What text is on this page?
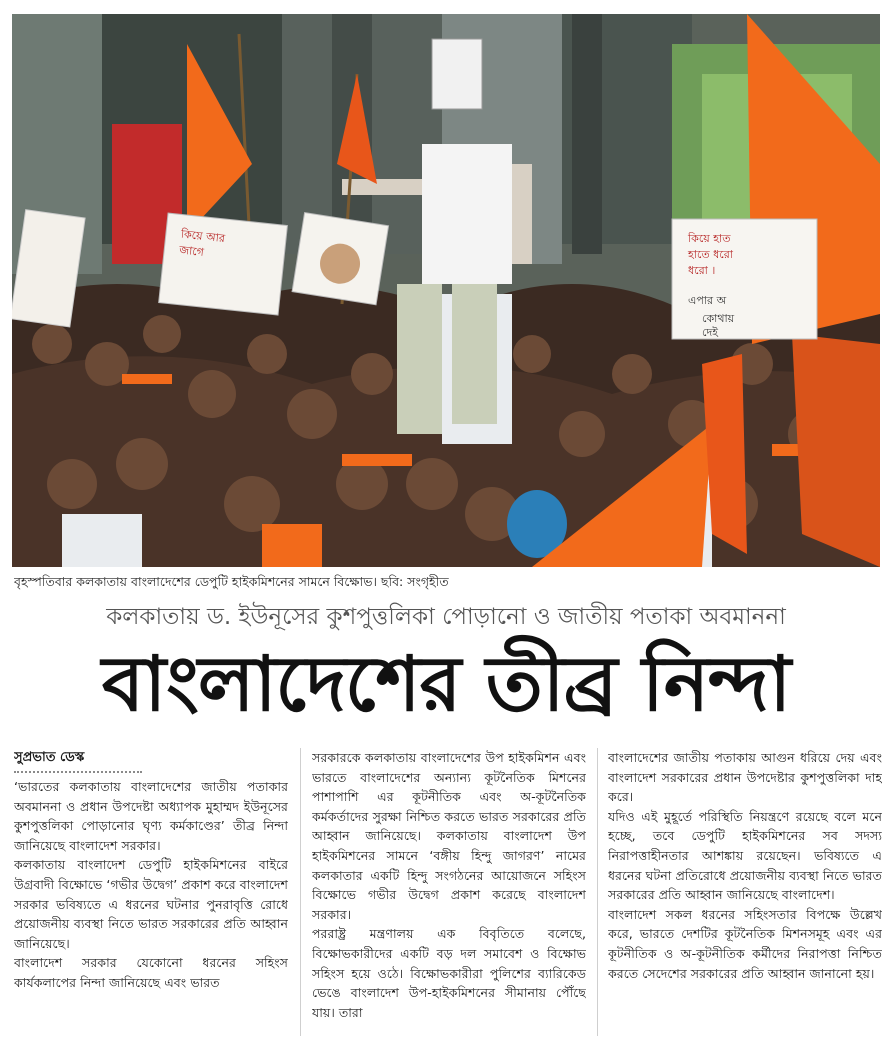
কিয়ে আর
জাগে
কিয়ে হাত
হাতে ধরো
ধরো ।
এপার অ
কোথায়
দেই
বৃহস্পতিবার কলকাতায় বাংলাদেশের ডেপুটি হাইকমিশনের সামনে বিক্ষোভ। ছবি: সংগৃহীত
কলকাতায় ড. ইউনূসের কুশপুত্তলিকা পোড়ানো ও জাতীয় পতাকা অবমাননা
বাংলাদেশের তীব্র নিন্দা
সুপ্রভাত ডেস্ক

‘ভারতের কলকাতায় বাংলাদেশের জাতীয় পতাকার অবমাননা ও প্রধান উপদেষ্টা অধ্যাপক মুহাম্মদ ইউনূসের কুশপুত্তলিকা পোড়ানোর ঘৃণ্য কর্মকাণ্ডের’ তীব্র নিন্দা জানিয়েছে বাংলাদেশ সরকার।

কলকাতায় বাংলাদেশ ডেপুটি হাইকমিশনের বাইরে উগ্রবাদী বিক্ষোভে ‘গভীর উদ্বেগ’ প্রকাশ করে বাংলাদেশ সরকার ভবিষ্যতে এ ধরনের ঘটনার পুনরাবৃত্তি রোধে প্রয়োজনীয় ব্যবস্থা নিতে ভারত সরকারের প্রতি আহ্বান জানিয়েছে।

বাংলাদেশ সরকার যেকোনো ধরনের সহিংস কার্যকলাপের নিন্দা জানিয়েছে এবং ভারত

সরকারকে কলকাতায় বাংলাদেশের উপ হাইকমিশন এবং ভারতে বাংলাদেশের অন্যান্য কূটনৈতিক মিশনের পাশাপাশি এর কূটনীতিক এবং অ-কূটনৈতিক কর্মকর্তাদের সুরক্ষা নিশ্চিত করতে ভারত সরকারের প্রতি আহ্বান জানিয়েছে। কলকাতায় বাংলাদেশ উপ হাইকমিশনের সামনে ‘বঙ্গীয় হিন্দু জাগরণ’ নামের কলকাতার একটি হিন্দু সংগঠনের আয়োজনে সহিংস বিক্ষোভে গভীর উদ্বেগ প্রকাশ করেছে বাংলাদেশ সরকার।

পররাষ্ট্র মন্ত্রণালয় এক বিবৃতিতে বলেছে, বিক্ষোভকারীদের একটি বড় দল সমাবেশ ও বিক্ষোভ সহিংস হয়ে ওঠে। বিক্ষোভকারীরা পুলিশের ব্যারিকেড ভেঙে বাংলাদেশ উপ-হাইকমিশনের সীমানায় পৌঁছে যায়। তারা

বাংলাদেশের জাতীয় পতাকায় আগুন ধরিয়ে দেয় এবং বাংলাদেশ সরকারের প্রধান উপদেষ্টার কুশপুত্তলিকা দাহ করে।

যদিও এই মুহূর্তে পরিস্থিতি নিয়ন্ত্রণে রয়েছে বলে মনে হচ্ছে, তবে ডেপুটি হাইকমিশনের সব সদস্য নিরাপত্তাহীনতার আশঙ্কায় রয়েছেন। ভবিষ্যতে এ ধরনের ঘটনা প্রতিরোধে প্রয়োজনীয় ব্যবস্থা নিতে ভারত সরকারের প্রতি আহ্বান জানিয়েছে বাংলাদেশ।

বাংলাদেশ সকল ধরনের সহিংসতার বিপক্ষে উল্লেখ করে, ভারতে দেশটির কূটনৈতিক মিশনসমূহ এবং এর কূটনীতিক ও অ-কূটনীতিক কর্মীদের নিরাপত্তা নিশ্চিত করতে সেদেশের সরকারের প্রতি আহ্বান জানানো হয়।
